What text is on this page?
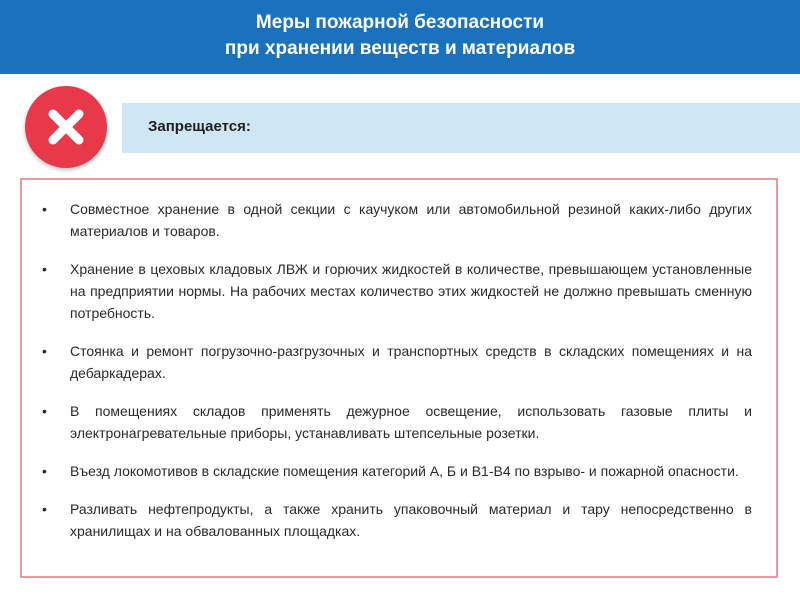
Меры пожарной безопасности
при хранении веществ и материалов
Запрещается:
• Совместное хранение в одной секции с каучуком или автомобильной резиной каких-либо других материалов и товаров.
• Хранение в цеховых кладовых ЛВЖ и горючих жидкостей в количестве, превышающем установленные на предприятии нормы. На рабочих местах количество этих жидкостей не должно превышать сменную потребность.
• Стоянка и ремонт погрузочно-разгрузочных и транспортных средств в складских помещениях и на дебаркадерах.
• В помещениях складов применять дежурное освещение, использовать газовые плиты и электронагревательные приборы, устанавливать штепсельные розетки.
• Въезд локомотивов в складские помещения категорий А, Б и В1-В4 по взрыво- и пожарной опасности.
• Разливать нефтепродукты, а также хранить упаковочный материал и тару непосредственно в хранилищах и на обвалованных площадках.
